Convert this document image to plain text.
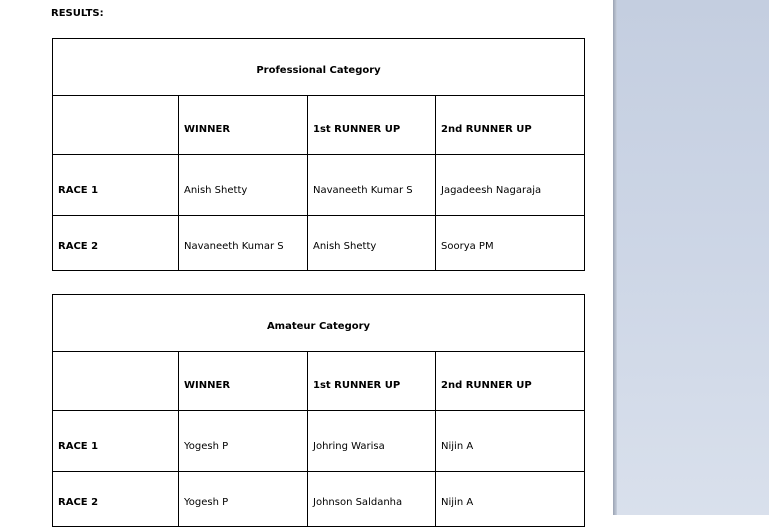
RESULTS:
Professional Category			
	WINNER	1st RUNNER UP	2nd RUNNER UP
RACE 1	Anish Shetty	Navaneeth Kumar S	Jagadeesh Nagaraja
RACE 2	Navaneeth Kumar S	Anish Shetty	Soorya PM
Amateur Category			
	WINNER	1st RUNNER UP	2nd RUNNER UP
RACE 1	Yogesh P	Johring Warisa	Nijin A
RACE 2	Yogesh P	Johnson Saldanha	Nijin A
